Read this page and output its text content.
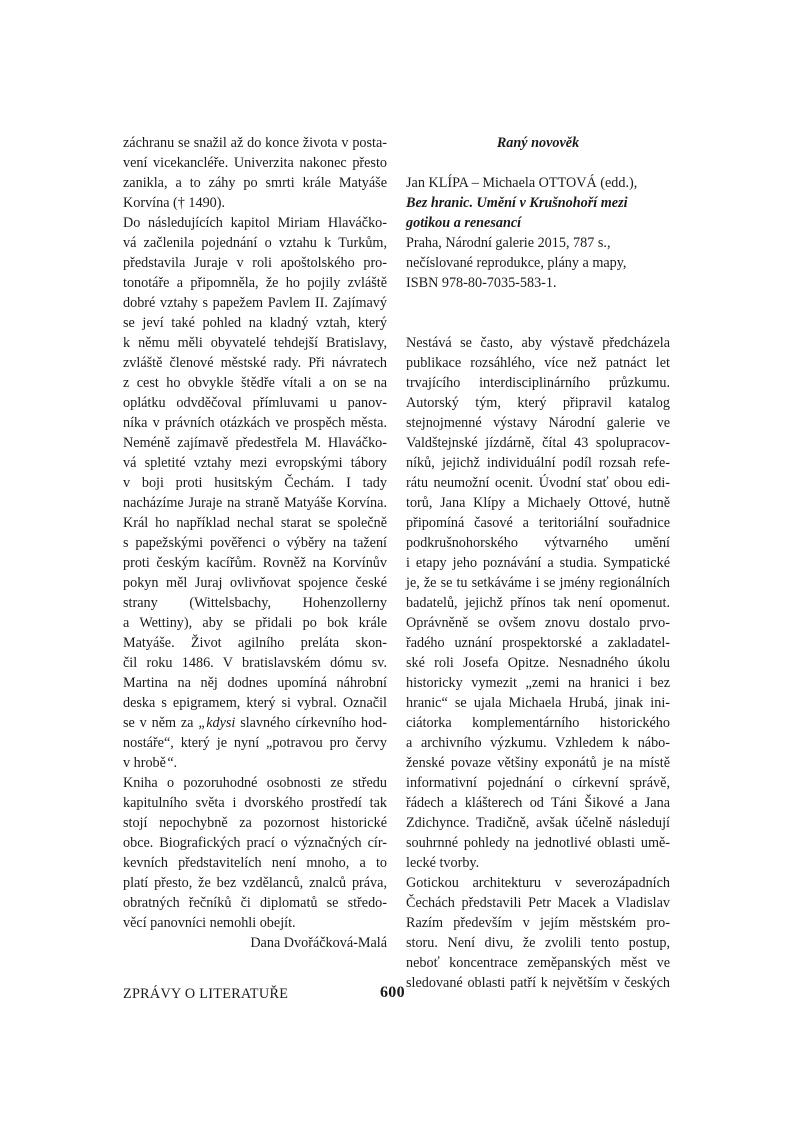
záchranu se snažil až do konce života v posta-

vení vicekancléře. Univerzita nakonec přesto

zanikla, a to záhy po smrti krále Matyáše

Korvína († 1490).

Do následujících kapitol Miriam Hlaváčko-

vá začlenila pojednání o vztahu k Turkům,

představila Juraje v roli apoštolského pro-

tonotáře a připomněla, že ho pojily zvláště

dobré vztahy s papežem Pavlem II. Zajímavý

se jeví také pohled na kladný vztah, který

k němu měli obyvatelé tehdejší Bratislavy,

zvláště členové městské rady. Při návratech

z cest ho obvykle štědře vítali a on se na

oplátku odvděčoval přímluvami u panov-

níka v právních otázkách ve prospěch města.

Neméně zajímavě předestřela M. Hlaváčko-

vá spletité vztahy mezi evropskými tábory

v boji proti husitským Čechám. I tady

nacházíme Juraje na straně Matyáše Korvína.

Král ho například nechal starat se společně

s papežskými pověřenci o výběry na tažení

proti českým kacířům. Rovněž na Korvínův

pokyn měl Juraj ovlivňovat spojence české

strany (Wittelsbachy, Hohenzollerny

a Wettiny), aby se přidali po bok krále

Matyáše. Život agilního preláta skon-

čil roku 1486. V bratislavském dómu sv.

Martina na něj dodnes upomíná náhrobní

deska s epigramem, který si vybral. Označil

se v něm za „kdysi slavného církevního hod-

nostáře“, který je nyní „potravou pro červy

v hrobě“.

Kniha o pozoruhodné osobnosti ze středu

kapitulního světa i dvorského prostředí tak

stojí nepochybně za pozornost historické

obce. Biografických prací o význačných cír-

kevních představitelích není mnoho, a to

platí přesto, že bez vzdělanců, znalců práva,

obratných řečníků či diplomatů se středo-

věcí panovníci nemohli obejít.

Dana Dvořáčková-Malá

Raný novověk

Jan KLÍPA – Michaela OTTOVÁ (edd.),

Bez hranic. Umění v Krušnohoří mezi

gotikou a renesancí

Praha, Národní galerie 2015, 787 s.,

nečíslované reprodukce, plány a mapy,

ISBN 978-80-7035-583-1.

Nestává se často, aby výstavě předcházela

publikace rozsáhlého, více než patnáct let

trvajícího interdisciplinárního průzkumu.

Autorský tým, který připravil katalog

stejnojmenné výstavy Národní galerie ve

Valdštejnské jízdárně, čítal 43 spolupracov-

níků, jejichž individuální podíl rozsah refe-

rátu neumožní ocenit. Úvodní stať obou edi-

torů, Jana Klípy a Michaely Ottové, hutně

připomíná časové a teritoriální souřadnice

podkrušnohorského výtvarného umění

i etapy jeho poznávání a studia. Sympatické

je, že se tu setkáváme i se jmény regionálních

badatelů, jejichž přínos tak není opomenut.

Oprávněně se ovšem znovu dostalo prvo-

řadého uznání prospektorské a zakladatel-

ské roli Josefa Opitze. Nesnadného úkolu

historicky vymezit „zemi na hranici i bez

hranic“ se ujala Michaela Hrubá, jinak ini-

ciátorka komplementárního historického

a archivního výzkumu. Vzhledem k nábo-

ženské povaze většiny exponátů je na místě

informativní pojednání o církevní správě,

řádech a klášterech od Táni Šikové a Jana

Zdichynce. Tradičně, avšak účelně následují

souhrnné pohledy na jednotlivé oblasti umě-

lecké tvorby.

Gotickou architekturu v severozápadních

Čechách představili Petr Macek a Vladislav

Razím především v jejím městském pro-

storu. Není divu, že zvolili tento postup,

neboť koncentrace zeměpanských měst ve

sledované oblasti patří k největším v českých

ZPRÁVY O LITERATUŘE	600
